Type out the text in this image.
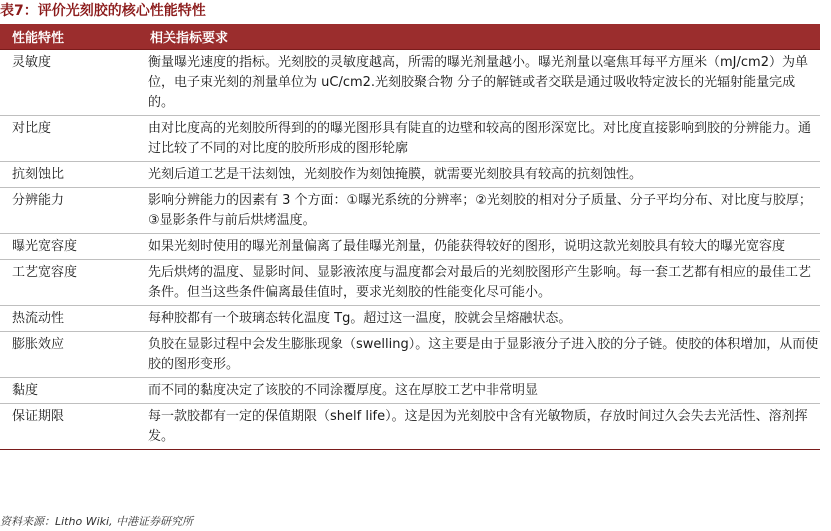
表7：评价光刻胶的核心性能特性
性能特性	相关指标要求
灵敏度	衡量曝光速度的指标。光刻胶的灵敏度越高，所需的曝光剂量越小。曝光剂量以毫焦耳每平方厘米（mJ/cm2）为单位，电子束光刻的剂量单位为 uC/cm2.光刻胶聚合物 分子的解链或者交联是通过吸收特定波长的光辐射能量完成的。
对比度	由对比度高的光刻胶所得到的的曝光图形具有陡直的边壁和较高的图形深宽比。对比度直接影响到胶的分辨能力。通过比较了不同的对比度的胶所形成的图形轮廓
抗刻蚀比	光刻后道工艺是干法刻蚀，光刻胶作为刻蚀掩膜，就需要光刻胶具有较高的抗刻蚀性。
分辨能力	影响分辨能力的因素有 3 个方面：①曝光系统的分辨率；②光刻胶的相对分子质量、分子平均分布、对比度与胶厚；③显影条件与前后烘烤温度。
曝光宽容度	如果光刻时使用的曝光剂量偏离了最佳曝光剂量，仍能获得较好的图形，说明这款光刻胶具有较大的曝光宽容度
工艺宽容度	先后烘烤的温度、显影时间、显影液浓度与温度都会对最后的光刻胶图形产生影响。每一套工艺都有相应的最佳工艺条件。但当这些条件偏离最佳值时，要求光刻胶的性能变化尽可能小。
热流动性	每种胶都有一个玻璃态转化温度 Tg。超过这一温度，胶就会呈熔融状态。
膨胀效应	负胶在显影过程中会发生膨胀现象（swelling）。这主要是由于显影液分子进入胶的分子链。使胶的体积增加，从而使胶的图形变形。
黏度	而不同的黏度决定了该胶的不同涂覆厚度。这在厚胶工艺中非常明显
保证期限	每一款胶都有一定的保值期限（shelf life）。这是因为光刻胶中含有光敏物质，存放时间过久会失去光活性、溶剂挥发。
资料来源：Litho Wiki, 中港证券研究所
